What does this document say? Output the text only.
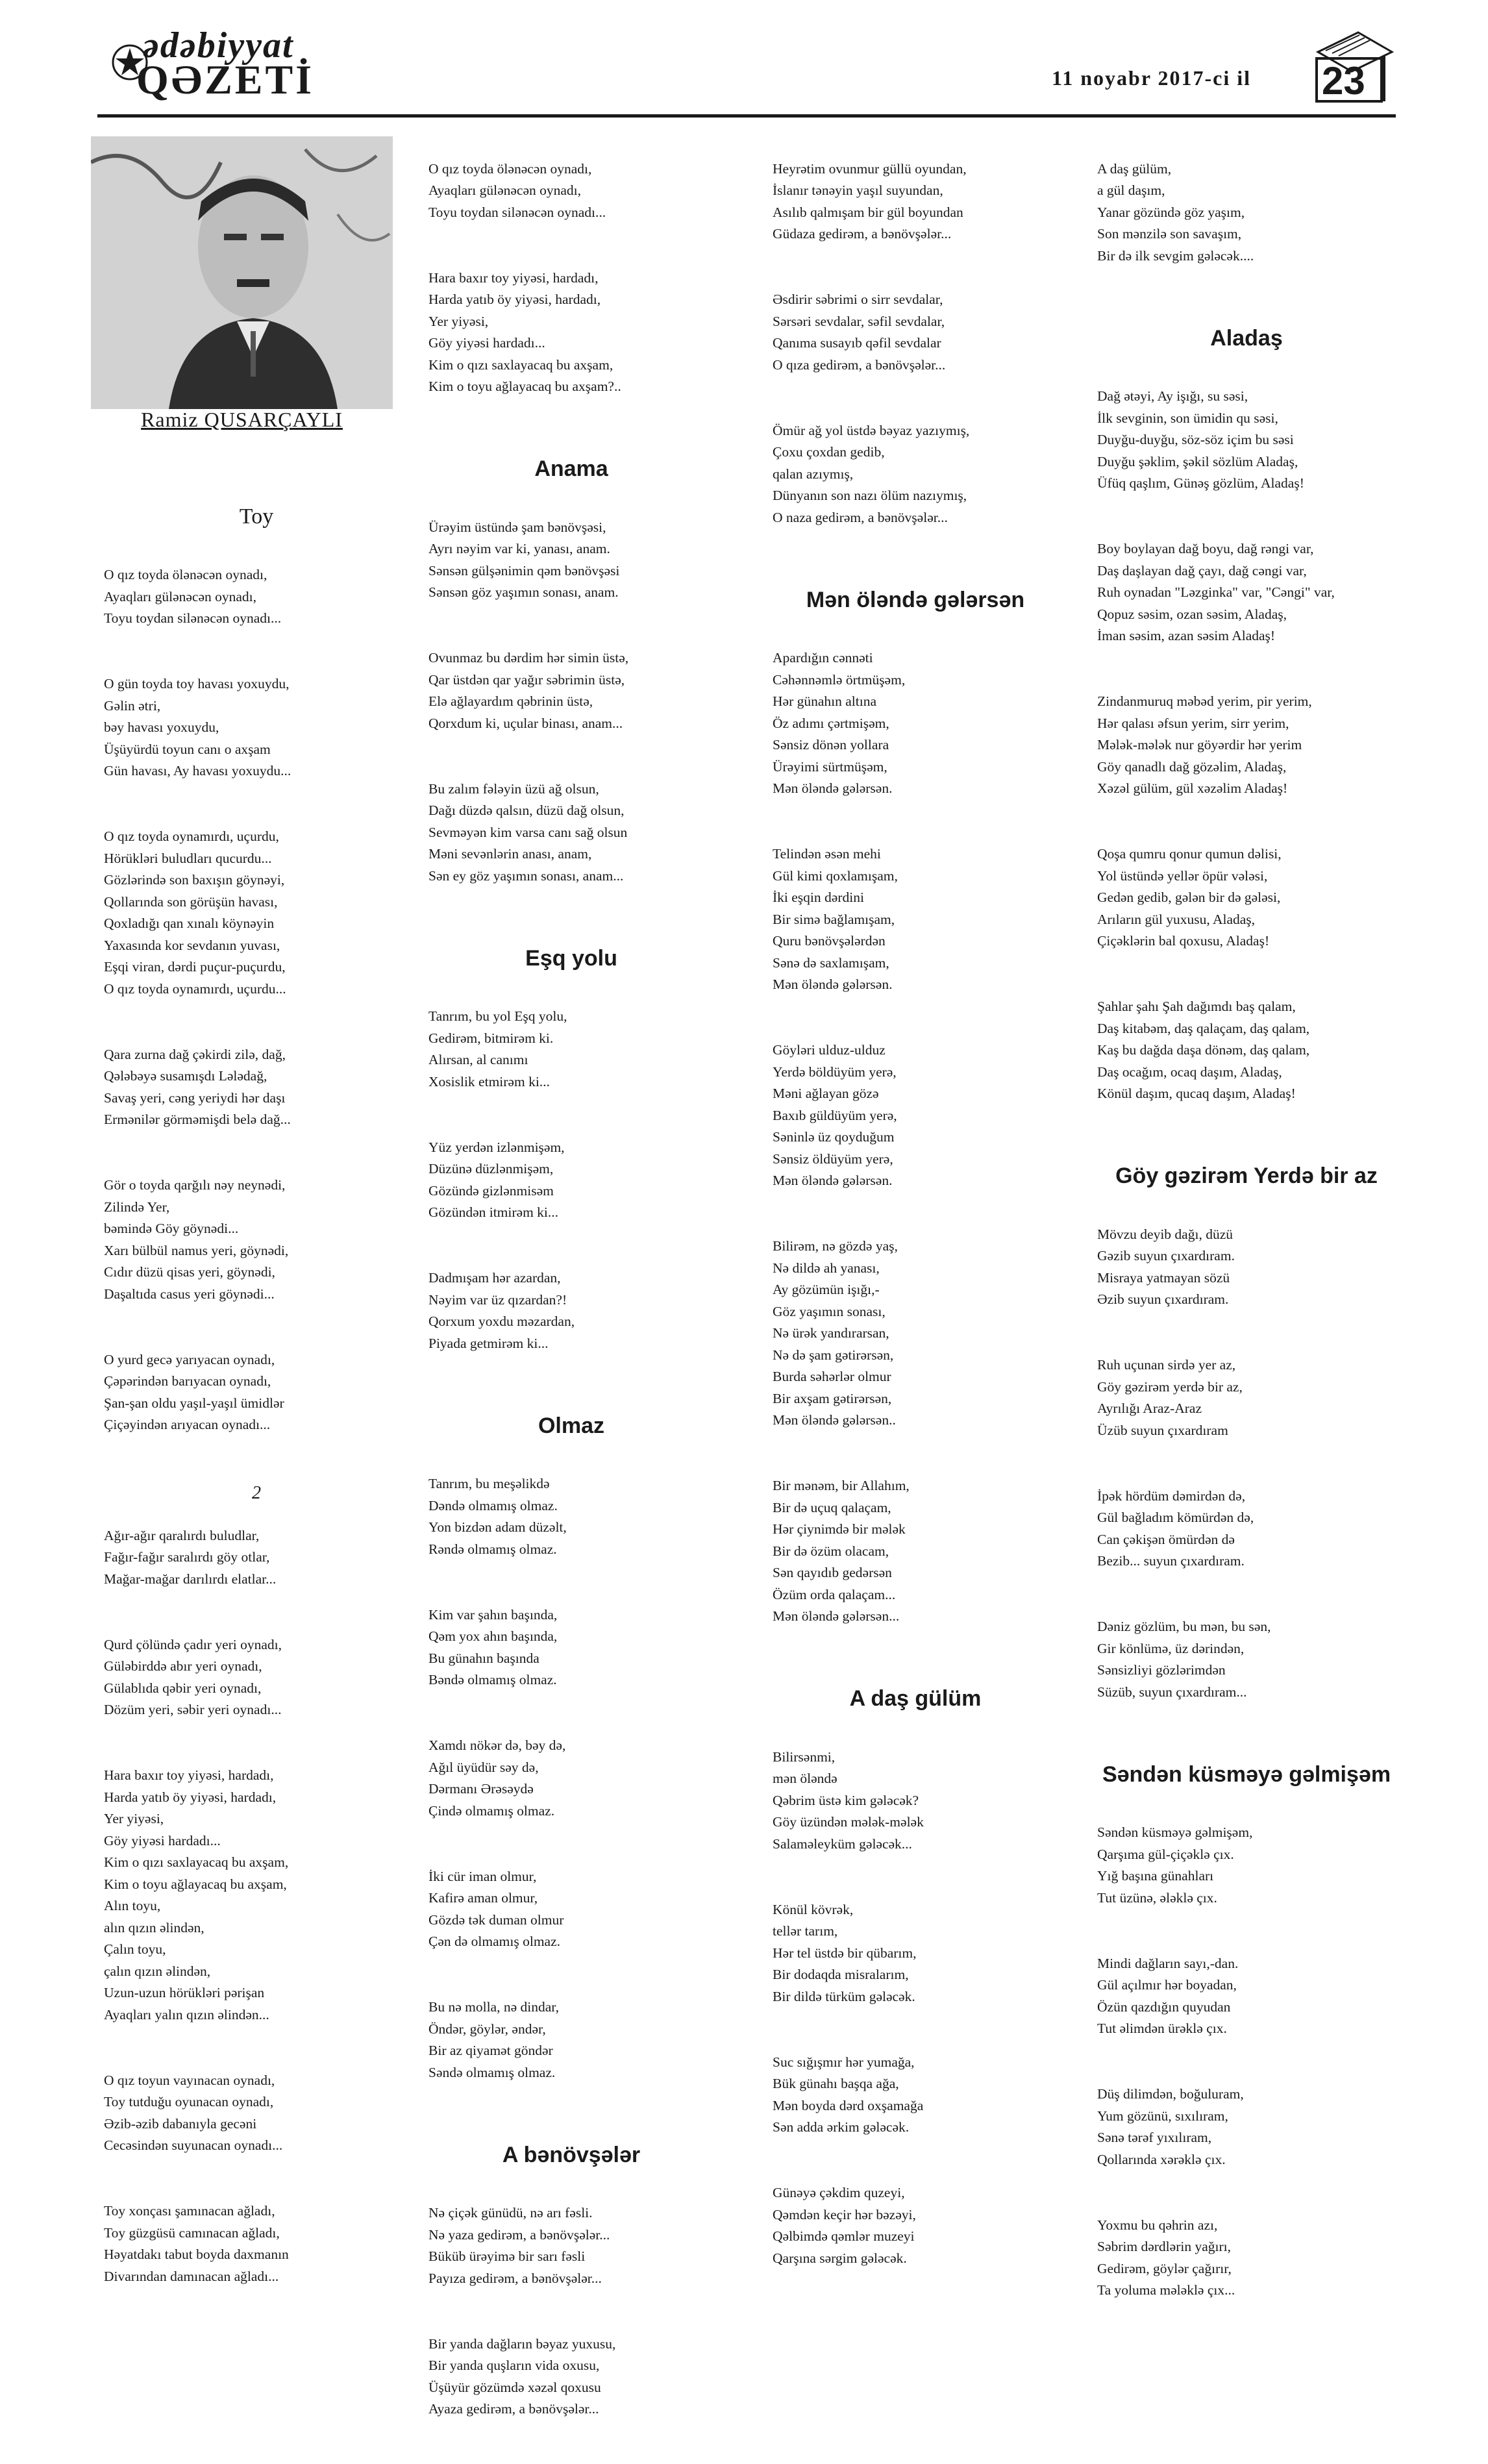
ədəbiyyat
QƏZETİ	11 noyabr 2017-ci il 23
Ramiz QUSARÇAYLI

Toy

O qız toyda ölənəcən oynadı,
Ayaqları gülənəcən oynadı,
Toyu toydan silənəcən oynadı...

O gün toyda toy havası yoxuydu,
Gəlin ətri,
bəy havası yoxuydu,
Üşüyürdü toyun canı o axşam
Gün havası, Ay havası yoxuydu...

O qız toyda oynamırdı, uçurdu,
Hörükləri buludları qucurdu...
Gözlərində son baxışın göynəyi,
Qollarında son görüşün havası,
Qoxladığı qan xınalı köynəyin
Yaxasında kor sevdanın yuvası,
Eşqi viran, dərdi puçur-puçurdu,
O qız toyda oynamırdı, uçurdu...

Qara zurna dağ çəkirdi zilə, dağ,
Qələbəyə susamışdı Lələdağ,
Savaş yeri, cəng yeriydi hər daşı
Ermənilər görməmişdi belə dağ...

Gör o toyda qarğılı nəy neynədi,
Zilində Yer,
bəmində Göy göynədi...
Xarı bülbül namus yeri, göynədi,
Cıdır düzü qisas yeri, göynədi,
Daşaltıda casus yeri göynədi...

O yurd gecə yarıyacan oynadı,
Çəpərindən barıyacan oynadı,
Şan-şan oldu yaşıl-yaşıl ümidlər
Çiçəyindən arıyacan oynadı...

2

Ağır-ağır qaralırdı buludlar,
Fağır-fağır saralırdı göy otlar,
Mağar-mağar darılırdı elatlar...

Qurd çölündə çadır yeri oynadı,
Güləbirddə abır yeri oynadı,
Gülablıda qəbir yeri oynadı,
Dözüm yeri, səbir yeri oynadı...

Hara baxır toy yiyəsi, hardadı,
Harda yatıb öy yiyəsi, hardadı,
Yer yiyəsi,
Göy yiyəsi hardadı...
Kim o qızı saxlayacaq bu axşam,
Kim o toyu ağlayacaq bu axşam,
Alın toyu,
alın qızın əlindən,
Çalın toyu,
çalın qızın əlindən,
Uzun-uzun hörükləri pərişan
Ayaqları yalın qızın əlindən...

O qız toyun vayınacan oynadı,
Toy tutduğu oyunacan oynadı,
Əzib-əzib dabanıyla gecəni
Cecəsindən suyunacan oynadı...

Toy xonçası şamınacan ağladı,
Toy güzgüsü camınacan ağladı,
Həyatdakı tabut boyda daxmanın
Divarından damınacan ağladı...

O qız toyda ölənəcən oynadı,
Ayaqları gülənəcən oynadı,
Toyu toydan silənəcən oynadı...

Hara baxır toy yiyəsi, hardadı,
Harda yatıb öy yiyəsi, hardadı,
Yer yiyəsi,
Göy yiyəsi hardadı...
Kim o qızı saxlayacaq bu axşam,
Kim o toyu ağlayacaq bu axşam?..

Anama

Ürəyim üstündə şam bənövşəsi,
Ayrı nəyim var ki, yanası, anam.
Sənsən gülşənimin qəm bənövşəsi
Sənsən göz yaşımın sonası, anam.

Ovunmaz bu dərdim hər simin üstə,
Qar üstdən qar yağır səbrimin üstə,
Elə ağlayardım qəbrinin üstə,
Qorxdum ki, uçular binası, anam...

Bu zalım fələyin üzü ağ olsun,
Dağı düzdə qalsın, düzü dağ olsun,
Sevməyən kim varsa canı sağ olsun
Məni sevənlərin anası, anam,
Sən ey göz yaşımın sonası, anam...

Eşq yolu

Tanrım, bu yol Eşq yolu,
Gedirəm, bitmirəm ki.
Alırsan, al canımı
Xosislik etmirəm ki...

Yüz yerdən izlənmişəm,
Düzünə düzlənmişəm,
Gözündə gizlənmisəm
Gözündən itmirəm ki...

Dadmışam hər azardan,
Nəyim var üz qızardan?!
Qorxum yoxdu məzardan,
Piyada getmirəm ki...

Olmaz

Tanrım, bu meşəlikdə
Dəndə olmamış olmaz.
Yon bizdən adam düzəlt,
Rəndə olmamış olmaz.

Kim var şahın başında,
Qəm yox ahın başında,
Bu günahın başında
Bəndə olmamış olmaz.

Xamdı nökər də, bəy də,
Ağıl üyüdür səy də,
Dərmanı Ərəsəydə
Çində olmamış olmaz.

İki cür iman olmur,
Kafirə aman olmur,
Gözdə tək duman olmur
Çən də olmamış olmaz.

Bu nə molla, nə dindar,
Öndər, göylər, əndər,
Bir az qiyamət göndər
Səndə olmamış olmaz.

A bənövşələr

Nə çiçək günüdü, nə arı fəsli.
Nə yaza gedirəm, a bənövşələr...
Büküb ürəyimə bir sarı fəsli
Payıza gedirəm, a bənövşələr...

Bir yanda dağların bəyaz yuxusu,
Bir yanda quşların vida oxusu,
Üşüyür gözümdə xəzəl qoxusu
Ayaza gedirəm, a bənövşələr...

Heyrətim ovunmur güllü oyundan,
İslanır tənəyin yaşıl suyundan,
Asılıb qalmışam bir gül boyundan
Güdaza gedirəm, a bənövşələr...

Əsdirir səbrimi o sirr sevdalar,
Sərsəri sevdalar, səfil sevdalar,
Qanıma susayıb qəfil sevdalar
O qıza gedirəm, a bənövşələr...

Ömür ağ yol üstdə bəyaz yazıymış,
Çoxu çoxdan gedib,
qalan azıymış,
Dünyanın son nazı ölüm nazıymış,
O naza gedirəm, a bənövşələr...

Mən öləndə gələrsən

Apardığın cənnəti
Cəhənnəmlə örtmüşəm,
Hər günahın altına
Öz adımı çərtmişəm,
Sənsiz dönən yollara
Ürəyimi sürtmüşəm,
Mən öləndə gələrsən.

Telindən əsən mehi
Gül kimi qoxlamışam,
İki eşqin dərdini
Bir simə bağlamışam,
Quru bənövşələrdən
Sənə də saxlamışam,
Mən öləndə gələrsən.

Göyləri ulduz-ulduz
Yerdə böldüyüm yerə,
Məni ağlayan gözə
Baxıb güldüyüm yerə,
Səninlə üz qoyduğum
Sənsiz öldüyüm yerə,
Mən öləndə gələrsən.

Bilirəm, nə gözdə yaş,
Nə dildə ah yanası,
Ay gözümün işığı,-
Göz yaşımın sonası,
Nə ürək yandırarsan,
Nə də şam gətirərsən,
Burda səhərlər olmur
Bir axşam gətirərsən,
Mən öləndə gələrsən..

Bir mənəm, bir Allahım,
Bir də uçuq qalaçam,
Hər çiynimdə bir mələk
Bir də özüm olacam,
Sən qayıdıb gedərsən
Özüm orda qalaçam...
Mən öləndə gələrsən...

A daş gülüm

Bilirsənmi,
mən öləndə
Qəbrim üstə kim gələcək?
Göy üzündən mələk-mələk
Salaməleyküm gələcək...

Könül kövrək,
tellər tarım,
Hər tel üstdə bir qübarım,
Bir dodaqda misralarım,
Bir dildə türküm gələcək.

Suc sığışmır hər yumağa,
Bük günahı başqa ağa,
Mən boyda dərd oxşamağa
Sən adda ərkim gələcək.

Günəyə çəkdim quzeyi,
Qəmdən keçir hər bəzəyi,
Qəlbimdə qəmlər muzeyi
Qarşına sərgim gələcək.

A daş gülüm,
a gül daşım,
Yanar gözündə göz yaşım,
Son mənzilə son savaşım,
Bir də ilk sevgim gələcək....

Aladaş

Dağ ətəyi, Ay işığı, su səsi,
İlk sevginin, son ümidin qu səsi,
Duyğu-duyğu, söz-söz içim bu səsi
Duyğu şəklim, şəkil sözlüm Aladaş,
Üfüq qaşlım, Günəş gözlüm, Aladaş!

Boy boylayan dağ boyu, dağ rəngi var,
Daş daşlayan dağ çayı, dağ cəngi var,
Ruh oynadan "Ləzginka" var, "Cəngi" var,
Qopuz səsim, ozan səsim, Aladaş,
İman səsim, azan səsim Aladaş!

Zindanmuruq məbəd yerim, pir yerim,
Hər qalası əfsun yerim, sirr yerim,
Mələk-mələk nur göyərdir hər yerim
Göy qanadlı dağ gözəlim, Aladaş,
Xəzəl gülüm, gül xəzəlim Aladaş!

Qoşa qumru qonur qumun dəlisi,
Yol üstündə yellər öpür vələsi,
Gedən gedib, gələn bir də gələsi,
Arıların gül yuxusu, Aladaş,
Çiçəklərin bal qoxusu, Aladaş!

Şahlar şahı Şah dağımdı baş qalam,
Daş kitabəm, daş qalaçam, daş qalam,
Kaş bu dağda daşa dönəm, daş qalam,
Daş ocağım, ocaq daşım, Aladaş,
Könül daşım, qucaq daşım, Aladaş!

Göy gəzirəm Yerdə bir az

Mövzu deyib dağı, düzü
Gəzib suyun çıxardıram.
Misraya yatmayan sözü
Əzib suyun çıxardıram.

Ruh uçunan sirdə yer az,
Göy gəzirəm yerdə bir az,
Ayrılığı Araz-Araz
Üzüb suyun çıxardıram

İpək hördüm dəmirdən də,
Gül bağladım kömürdən də,
Can çəkişən ömürdən də
Bezib... suyun çıxardıram.

Dəniz gözlüm, bu mən, bu sən,
Gir könlümə, üz dərindən,
Sənsizliyi gözlərimdən
Süzüb, suyun çıxardıram...

Səndən küsməyə gəlmişəm

Səndən küsməyə gəlmişəm,
Qarşıma gül-çiçəklə çıx.
Yığ başına günahları
Tut üzünə, ələklə çıx.

Mindi dağların sayı,-dan.
Gül açılmır hər boyadan,
Özün qazdığın quyudan
Tut əlimdən ürəklə çıx.

Düş dilimdən, boğuluram,
Yum gözünü, sıxılıram,
Sənə tərəf yıxılıram,
Qollarında xərəklə çıx.

Yoxmu bu qəhrin azı,
Səbrim dərdlərin yağırı,
Gedirəm, göylər çağırır,
Ta yoluma mələklə çıx...
